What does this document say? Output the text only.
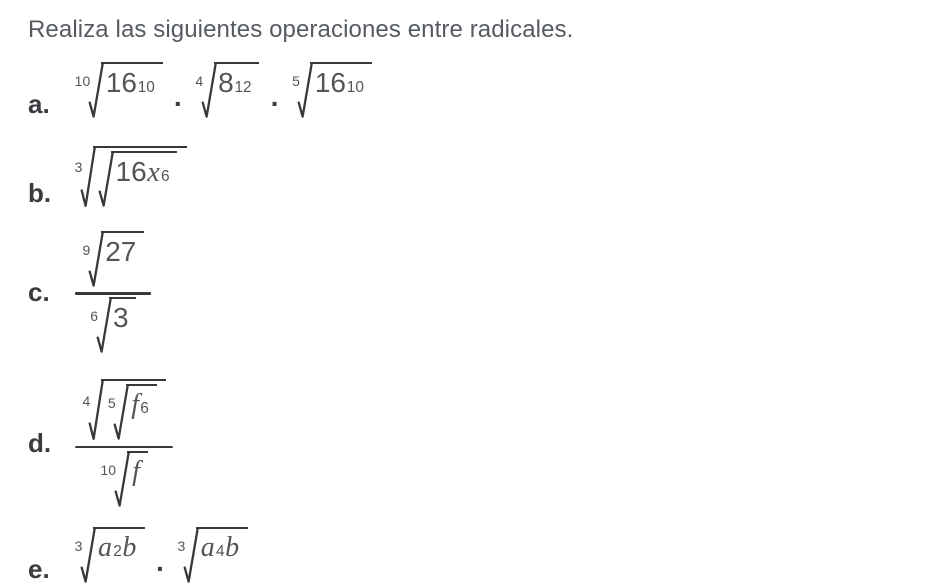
Realiza las siguientes operaciones entre radicales.

a.
10 16 10
·
4 8 12
·
5 16 10
b.
3 16 x 6
c. $\frac{9 27}{6 3}$
d. $\frac{4 5 f 6}{10 f}$
e.
3 a 2 b
·
3 a 4 b
